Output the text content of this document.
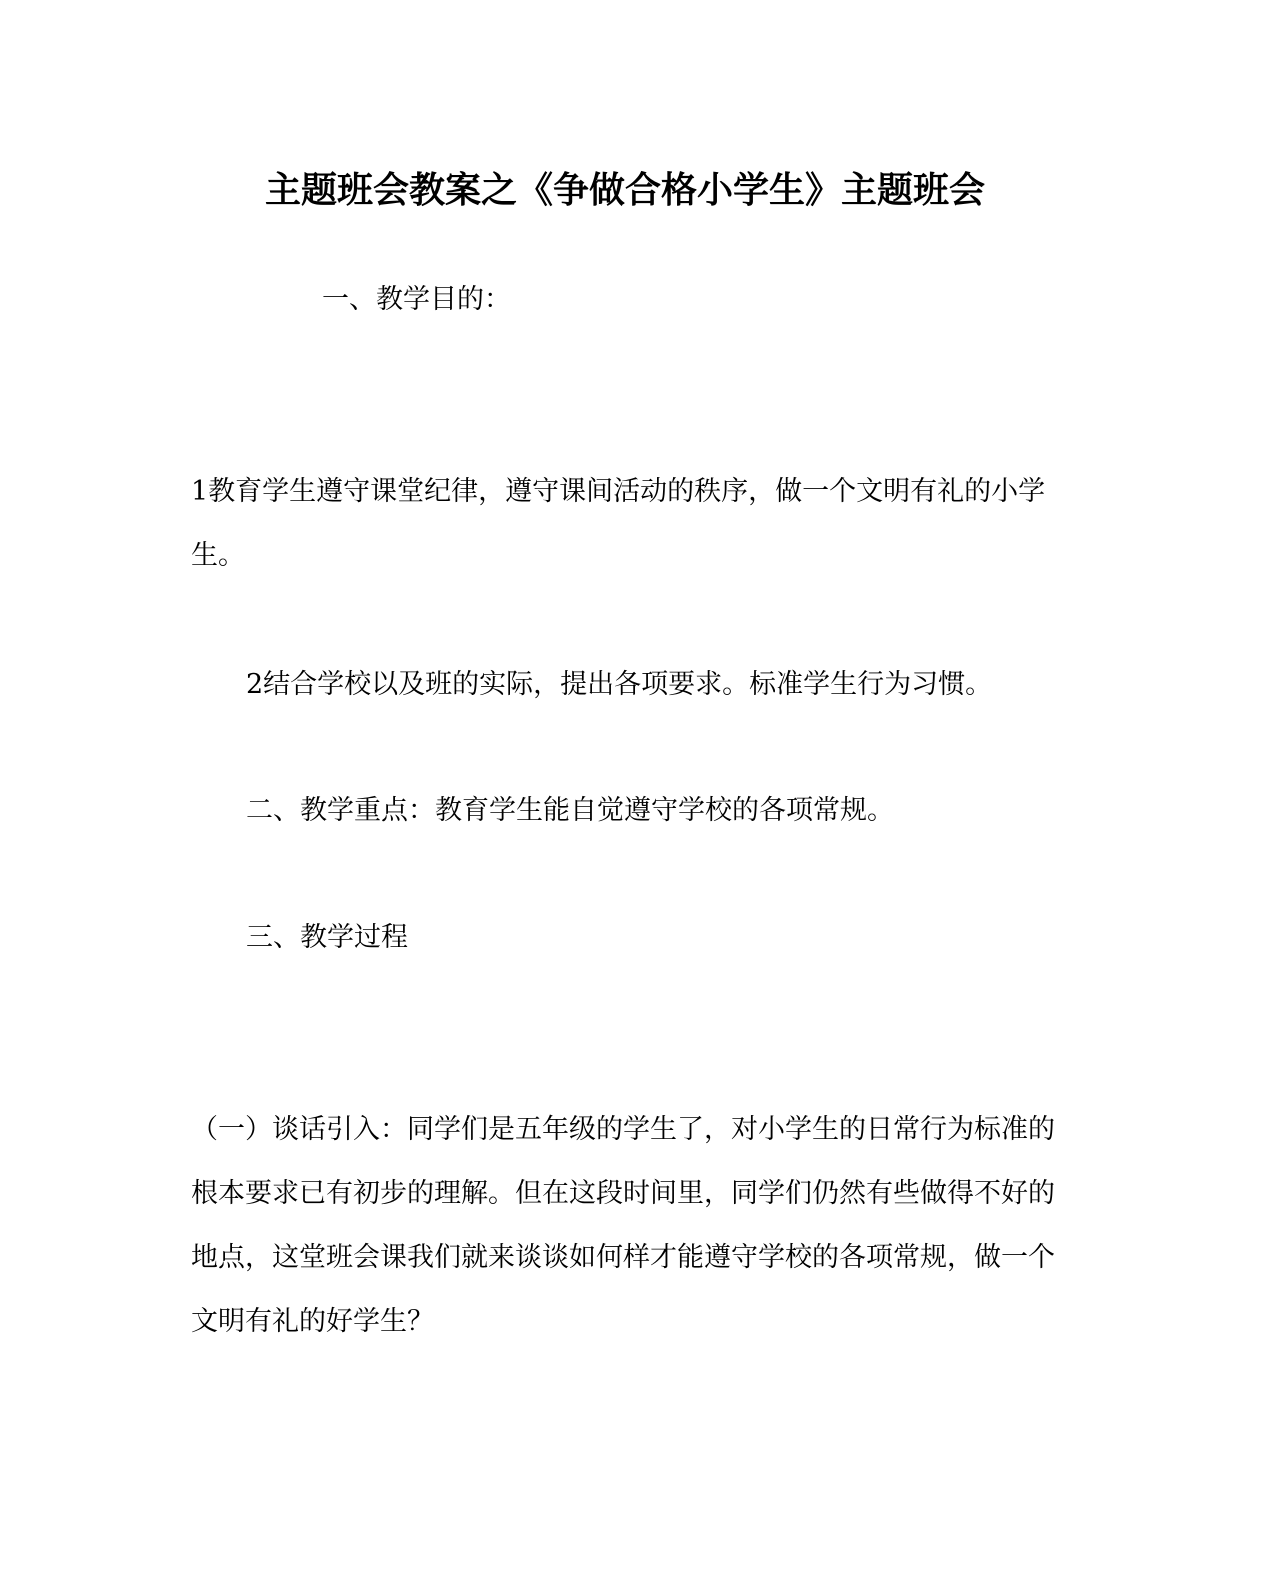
主题班会教案之《争做合格小学生》主题班会

一、教学目的：

1教育学生遵守课堂纪律，遵守课间活动的秩序，做一个文明有礼的小学生。

2结合学校以及班的实际，提出各项要求。标准学生行为习惯。

二、教学重点：教育学生能自觉遵守学校的各项常规。

三、教学过程

（一）谈话引入：同学们是五年级的学生了，对小学生的日常行为标准的根本要求已有初步的理解。但在这段时间里，同学们仍然有些做得不好的地点，这堂班会课我们就来谈谈如何样才能遵守学校的各项常规，做一个文明有礼的好学生？
